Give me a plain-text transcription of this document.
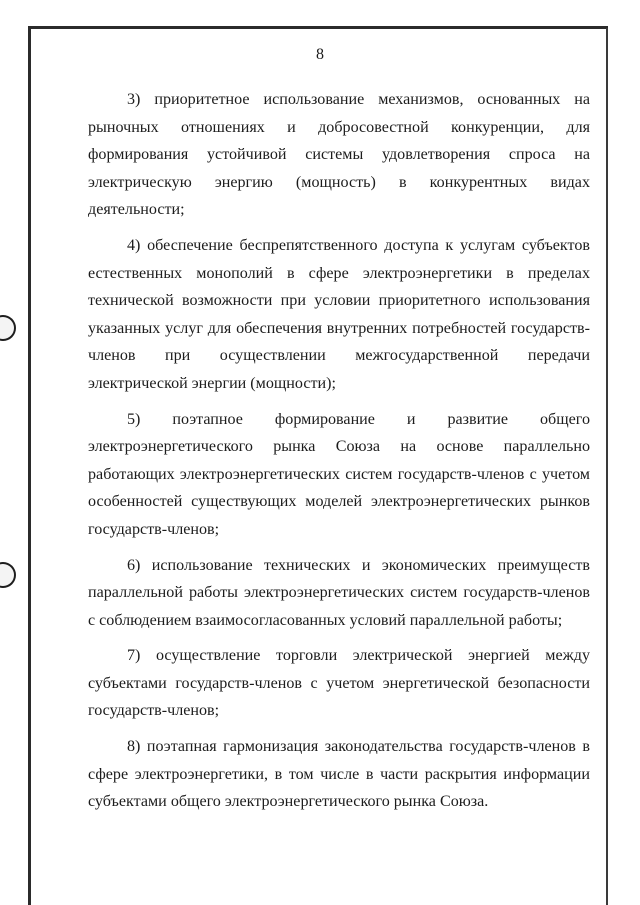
8

3) приоритетное использование механизмов, основанных на рыночных отношениях и добросовестной конкуренции, для формирования устойчивой системы удовлетворения спроса на электрическую энергию (мощность) в конкурентных видах деятельности;

4) обеспечение беспрепятственного доступа к услугам субъектов естественных монополий в сфере электроэнергетики в пределах технической возможности при условии приоритетного использования указанных услуг для обеспечения внутренних потребностей государств-членов при осуществлении межгосударственной передачи электрической энергии (мощности);

5) поэтапное формирование и развитие общего электроэнергетического рынка Союза на основе параллельно работающих электроэнергетических систем государств-членов с учетом особенностей существующих моделей электроэнергетических рынков государств-членов;

6) использование технических и экономических преимуществ параллельной работы электроэнергетических систем государств-членов с соблюдением взаимосогласованных условий параллельной работы;

7) осуществление торговли электрической энергией между субъектами государств-членов с учетом энергетической безопасности государств-членов;

8) поэтапная гармонизация законодательства государств-членов в сфере электроэнергетики, в том числе в части раскрытия информации субъектами общего электроэнергетического рынка Союза.
